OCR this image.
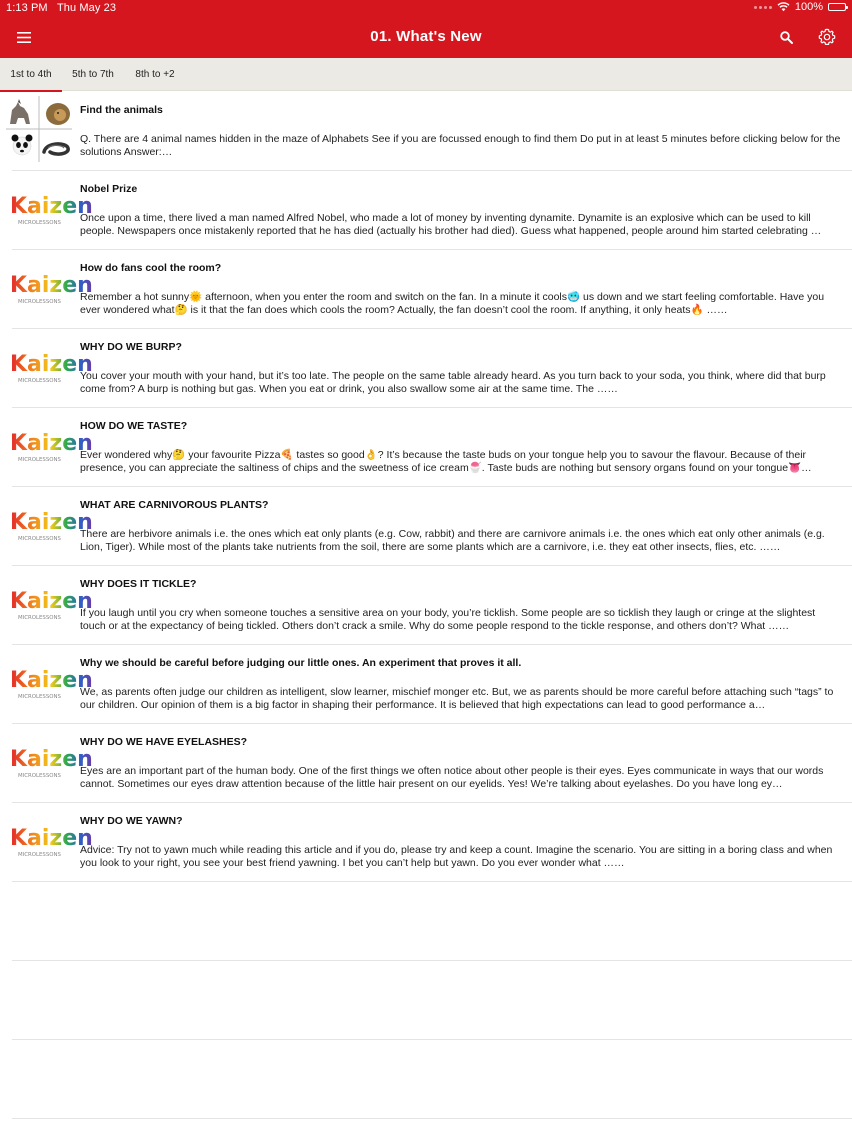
1:13 PM Thu May 23	100%
01. What's New
1st to 4th	5th to 7th	8th to +2
Find the animals
Q. There are 4 animal names hidden in the maze of Alphabets See if you are focussed enough to find them Do put in at least 5 minutes before clicking below for the solutions Answer:…
Kaizen
MICROLESSONS
Nobel Prize
Once upon a time, there lived a man named Alfred Nobel, who made a lot of money by inventing dynamite. Dynamite is an explosive which can be used to kill people. Newspapers once mistakenly reported that he has died (actually his brother had died). Guess what happened, people around him started celebrating …
Kaizen
MICROLESSONS
How do fans cool the room?
Remember a hot sunny🌞 afternoon, when you enter the room and switch on the fan. In a minute it cools🥶 us down and we start feeling comfortable. Have you ever wondered what🤔 is it that the fan does which cools the room? Actually, the fan doesn’t cool the room. If anything, it only heats🔥 ……
Kaizen
MICROLESSONS
WHY DO WE BURP?
You cover your mouth with your hand, but it’s too late. The people on the same table already heard. As you turn back to your soda, you think, where did that burp come from? A burp is nothing but gas. When you eat or drink, you also swallow some air at the same time. The ……
Kaizen
MICROLESSONS
HOW DO WE TASTE?
Ever wondered why🤔 your favourite Pizza🍕 tastes so good👌? It’s because the taste buds on your tongue help you to savour the flavour. Because of their presence, you can appreciate the saltiness of chips and the sweetness of ice cream🍧. Taste buds are nothing but sensory organs found on your tongue👅…
Kaizen
MICROLESSONS
WHAT ARE CARNIVOROUS PLANTS?
There are herbivore animals i.e. the ones which eat only plants (e.g. Cow, rabbit) and there are carnivore animals i.e. the ones which eat only other animals (e.g. Lion, Tiger). While most of the plants take nutrients from the soil, there are some plants which are a carnivore, i.e. they eat other insects, flies, etc. ……
Kaizen
MICROLESSONS
WHY DOES IT TICKLE?
If you laugh until you cry when someone touches a sensitive area on your body, you’re ticklish. Some people are so ticklish they laugh or cringe at the slightest touch or at the expectancy of being tickled. Others don’t crack a smile. Why do some people respond to the tickle response, and others don’t? What ……
Kaizen
MICROLESSONS
Why we should be careful before judging our little ones. An experiment that proves it all.
We, as parents often judge our children as intelligent, slow learner, mischief monger etc. But, we as parents should be more careful before attaching such “tags” to our children. Our opinion of them is a big factor in shaping their performance. It is believed that high expectations can lead to good performance a…
Kaizen
MICROLESSONS
WHY DO WE HAVE EYELASHES?
Eyes are an important part of the human body. One of the first things we often notice about other people is their eyes. Eyes communicate in ways that our words cannot. Sometimes our eyes draw attention because of the little hair present on our eyelids. Yes! We’re talking about eyelashes. Do you have long ey…
Kaizen
MICROLESSONS
WHY DO WE YAWN?
Advice: Try not to yawn much while reading this article and if you do, please try and keep a count. Imagine the scenario. You are sitting in a boring class and when you look to your right, you see your best friend yawning. I bet you can’t help but yawn. Do you ever wonder what ……
